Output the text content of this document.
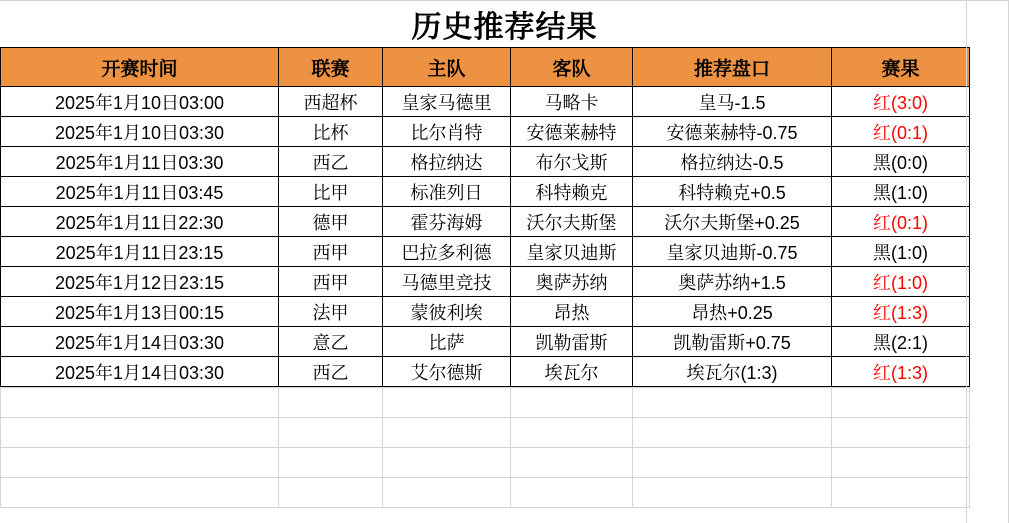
历史推荐结果
开赛时间	联赛	主队	客队	推荐盘口	赛果
2025年1月10日03:00	西超杯	皇家马德里	马略卡	皇马-1.5	红(3:0)
2025年1月10日03:30	比杯	比尔肖特	安德莱赫特	安德莱赫特-0.75	红(0:1)
2025年1月11日03:30	西乙	格拉纳达	布尔戈斯	格拉纳达-0.5	黑(0:0)
2025年1月11日03:45	比甲	标准列日	科特赖克	科特赖克+0.5	黑(1:0)
2025年1月11日22:30	德甲	霍芬海姆	沃尔夫斯堡	沃尔夫斯堡+0.25	红(0:1)
2025年1月11日23:15	西甲	巴拉多利德	皇家贝迪斯	皇家贝迪斯-0.75	黑(1:0)
2025年1月12日23:15	西甲	马德里竞技	奥萨苏纳	奥萨苏纳+1.5	红(1:0)
2025年1月13日00:15	法甲	蒙彼利埃	昂热	昂热+0.25	红(1:3)
2025年1月14日03:30	意乙	比萨	凯勒雷斯	凯勒雷斯+0.75	黑(2:1)
2025年1月14日03:30	西乙	艾尔德斯	埃瓦尔	埃瓦尔(1:3)	红(1:3)
